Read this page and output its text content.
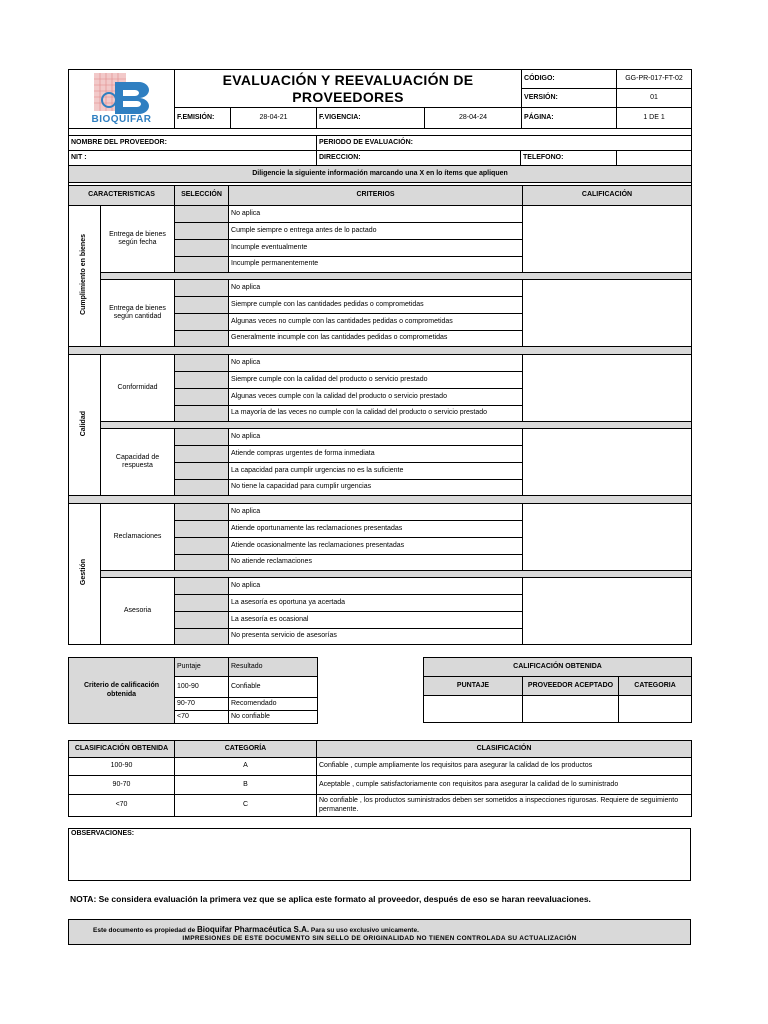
BIOQUIFAR	EVALUACIÓN Y REEVALUACIÓN DE PROVEEDORES				CÓDIGO:	GG-PR-017-FT-02
					VERSIÓN:	01
	F.EMISIÓN:	28-04-21	F.VIGENCIA:	28-04-24	PÁGINA:	1 DE 1

NOMBRE DEL PROVEEDOR:	PERIODO DE EVALUACIÓN:		
NIT :	DIRECCION:	TELEFONO:	
Diligencie la siguiente información marcando una X en lo ítems que apliquen			

CARACTERISTICAS		SELECCIÓN	CRITERIOS	CALIFICACIÓN
Cumplimiento en bienes	Entrega de bienes según fecha		No aplica	
			Cumple siempre o entrega antes de lo pactado	
			Incumple eventualmente	
			Incumple permanentemente	

	Entrega de bienes según cantidad		No aplica	
			Siempre cumple con las cantidades pedidas o comprometidas	
			Algunas veces no cumple con las cantidades pedidas o comprometidas	
			Generalmente incumple con las cantidades pedidas o comprometidas	

Calidad	Conformidad		No aplica	
			Siempre cumple con la calidad del producto o servicio prestado	
			Algunas veces cumple con la calidad del producto o servicio prestado	
			La mayoría de las veces no cumple con la calidad del producto o servicio prestado	

	Capacidad de respuesta		No aplica	
			Atiende compras urgentes de forma inmediata	
			La capacidad para cumplir urgencias no es la suficiente	
			No tiene la capacidad para cumplir urgencias	

Gestión	Reclamaciones		No aplica	
			Atiende oportunamente las reclamaciones presentadas	
			Atiende ocasionalmente las reclamaciones presentadas	
			No atiende reclamaciones	

	Asesoria		No aplica	
			La asesoría es oportuna ya acertada	
			La asesoría es ocasional	
			No presenta servicio de asesorías	
Criterio de calificación obtenida	Puntaje	Resultado
	100-90	Confiable
	90-70	Recomendado
	<70	No confiable
CALIFICACIÓN OBTENIDA		
PUNTAJE	PROVEEDOR ACEPTADO	CATEGORIA

CLASIFICACIÓN OBTENIDA	CATEGORÍA	CLASIFICACIÓN
100-90	A	Confiable , cumple ampliamente los requisitos para asegurar la calidad de los productos
90-70	B	Aceptable , cumple satisfactoriamente con requisitos para asegurar la calidad de lo suministrado
<70	C	No confiable , los productos suministrados deben ser sometidos a inspecciones rigurosas. Requiere de seguimiento permanente.
OBSERVACIONES:
NOTA: Se considera evaluación la primera vez que se aplica este formato al proveedor, después de eso se haran reevaluaciones.
Este documento es propiedad de Bioquifar Pharmacéutica S.A. Para su uso exclusivo unicamente.
IMPRESIONES DE ESTE DOCUMENTO SIN SELLO DE ORIGINALIDAD NO TIENEN CONTROLADA SU ACTUALIZACIÓN
